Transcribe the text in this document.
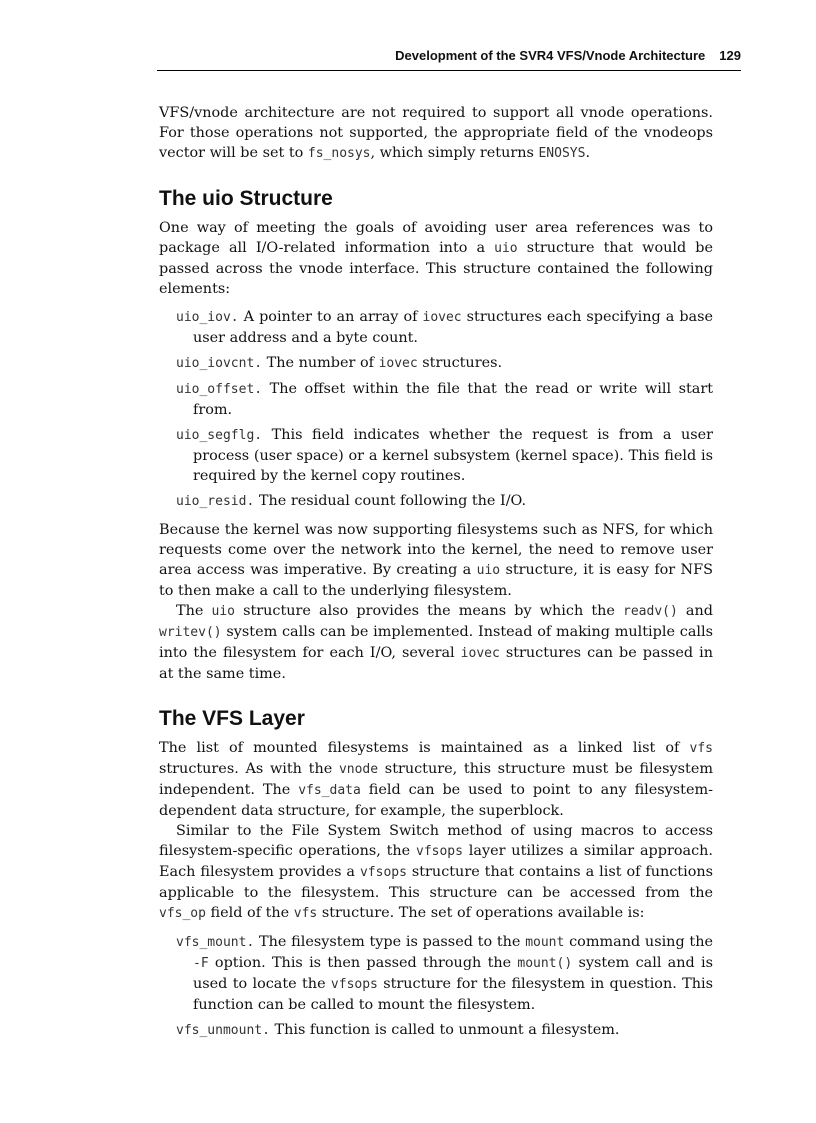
Development of the SVR4 VFS/Vnode Architecture 129

VFS/vnode architecture are not required to support all vnode operations. For those operations not supported, the appropriate field of the vnodeops vector will be set to fs_nosys, which simply returns ENOSYS.

The uio Structure

One way of meeting the goals of avoiding user area references was to package all I/O-related information into a uio structure that would be passed across the vnode interface. This structure contained the following elements:

uio_iov. A pointer to an array of iovec structures each specifying a base user address and a byte count.
uio_iovcnt. The number of iovec structures.
uio_offset. The offset within the file that the read or write will start from.
uio_segflg. This field indicates whether the request is from a user process (user space) or a kernel subsystem (kernel space). This field is required by the kernel copy routines.
uio_resid. The residual count following the I/O.

Because the kernel was now supporting filesystems such as NFS, for which requests come over the network into the kernel, the need to remove user area access was imperative. By creating a uio structure, it is easy for NFS to then make a call to the underlying filesystem.

The uio structure also provides the means by which the readv() and writev() system calls can be implemented. Instead of making multiple calls into the filesystem for each I/O, several iovec structures can be passed in at the same time.

The VFS Layer

The list of mounted filesystems is maintained as a linked list of vfs structures. As with the vnode structure, this structure must be filesystem independent. The vfs_data field can be used to point to any filesystem-dependent data structure, for example, the superblock.

Similar to the File System Switch method of using macros to access filesystem-specific operations, the vfsops layer utilizes a similar approach. Each filesystem provides a vfsops structure that contains a list of functions applicable to the filesystem. This structure can be accessed from the vfs_op field of the vfs structure. The set of operations available is:

vfs_mount. The filesystem type is passed to the mount command using the -F option. This is then passed through the mount() system call and is used to locate the vfsops structure for the filesystem in question. This function can be called to mount the filesystem.
vfs_unmount. This function is called to unmount a filesystem.
